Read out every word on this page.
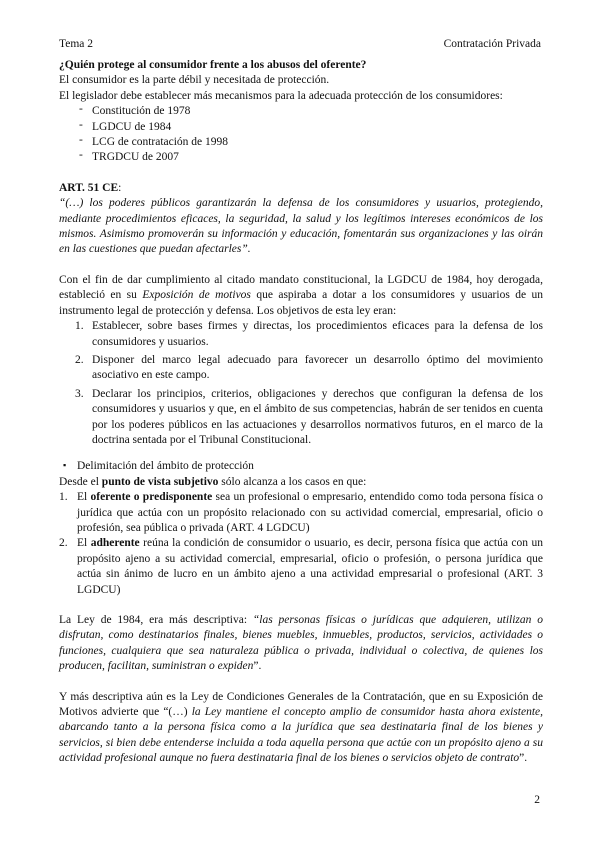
Tema 2	Contratación Privada

¿Quién protege al consumidor frente a los abusos del oferente?

El consumidor es la parte débil y necesitada de protección.

El legislador debe establecer más mecanismos para la adecuada protección de los consumidores:

- Constitución de 1978
- LGDCU de 1984
- LCG de contratación de 1998
- TRGDCU de 2007

ART. 51 CE:

“(…) los poderes públicos garantizarán la defensa de los consumidores y usuarios, protegiendo, mediante procedimientos eficaces, la seguridad, la salud y los legítimos intereses económicos de los mismos. Asimismo promoverán su información y educación, fomentarán sus organizaciones y las oirán en las cuestiones que puedan afectarles”.

Con el fin de dar cumplimiento al citado mandato constitucional, la LGDCU de 1984, hoy derogada, estableció en su Exposición de motivos que aspiraba a dotar a los consumidores y usuarios de un instrumento legal de protección y defensa. Los objetivos de esta ley eran:

1. Establecer, sobre bases firmes y directas, los procedimientos eficaces para la defensa de los consumidores y usuarios.
2. Disponer del marco legal adecuado para favorecer un desarrollo óptimo del movimiento asociativo en este campo.
3. Declarar los principios, criterios, obligaciones y derechos que configuran la defensa de los consumidores y usuarios y que, en el ámbito de sus competencias, habrán de ser tenidos en cuenta por los poderes públicos en las actuaciones y desarrollos normativos futuros, en el marco de la doctrina sentada por el Tribunal Constitucional.

▪ Delimitación del ámbito de protección

Desde el punto de vista subjetivo sólo alcanza a los casos en que:

1. El oferente o predisponente sea un profesional o empresario, entendido como toda persona física o jurídica que actúa con un propósito relacionado con su actividad comercial, empresarial, oficio o profesión, sea pública o privada (ART. 4 LGDCU)
2. El adherente reúna la condición de consumidor o usuario, es decir, persona física que actúa con un propósito ajeno a su actividad comercial, empresarial, oficio o profesión, o persona jurídica que actúa sin ánimo de lucro en un ámbito ajeno a una actividad empresarial o profesional (ART. 3 LGDCU)

La Ley de 1984, era más descriptiva: “las personas físicas o jurídicas que adquieren, utilizan o disfrutan, como destinatarios finales, bienes muebles, inmuebles, productos, servicios, actividades o funciones, cualquiera que sea naturaleza pública o privada, individual o colectiva, de quienes los producen, facilitan, suministran o expiden”.

Y más descriptiva aún es la Ley de Condiciones Generales de la Contratación, que en su Exposición de Motivos advierte que “(…) la Ley mantiene el concepto amplio de consumidor hasta ahora existente, abarcando tanto a la persona física como a la jurídica que sea destinataria final de los bienes y servicios, si bien debe entenderse incluida a toda aquella persona que actúe con un propósito ajeno a su actividad profesional aunque no fuera destinataria final de los bienes o servicios objeto de contrato”.

2
